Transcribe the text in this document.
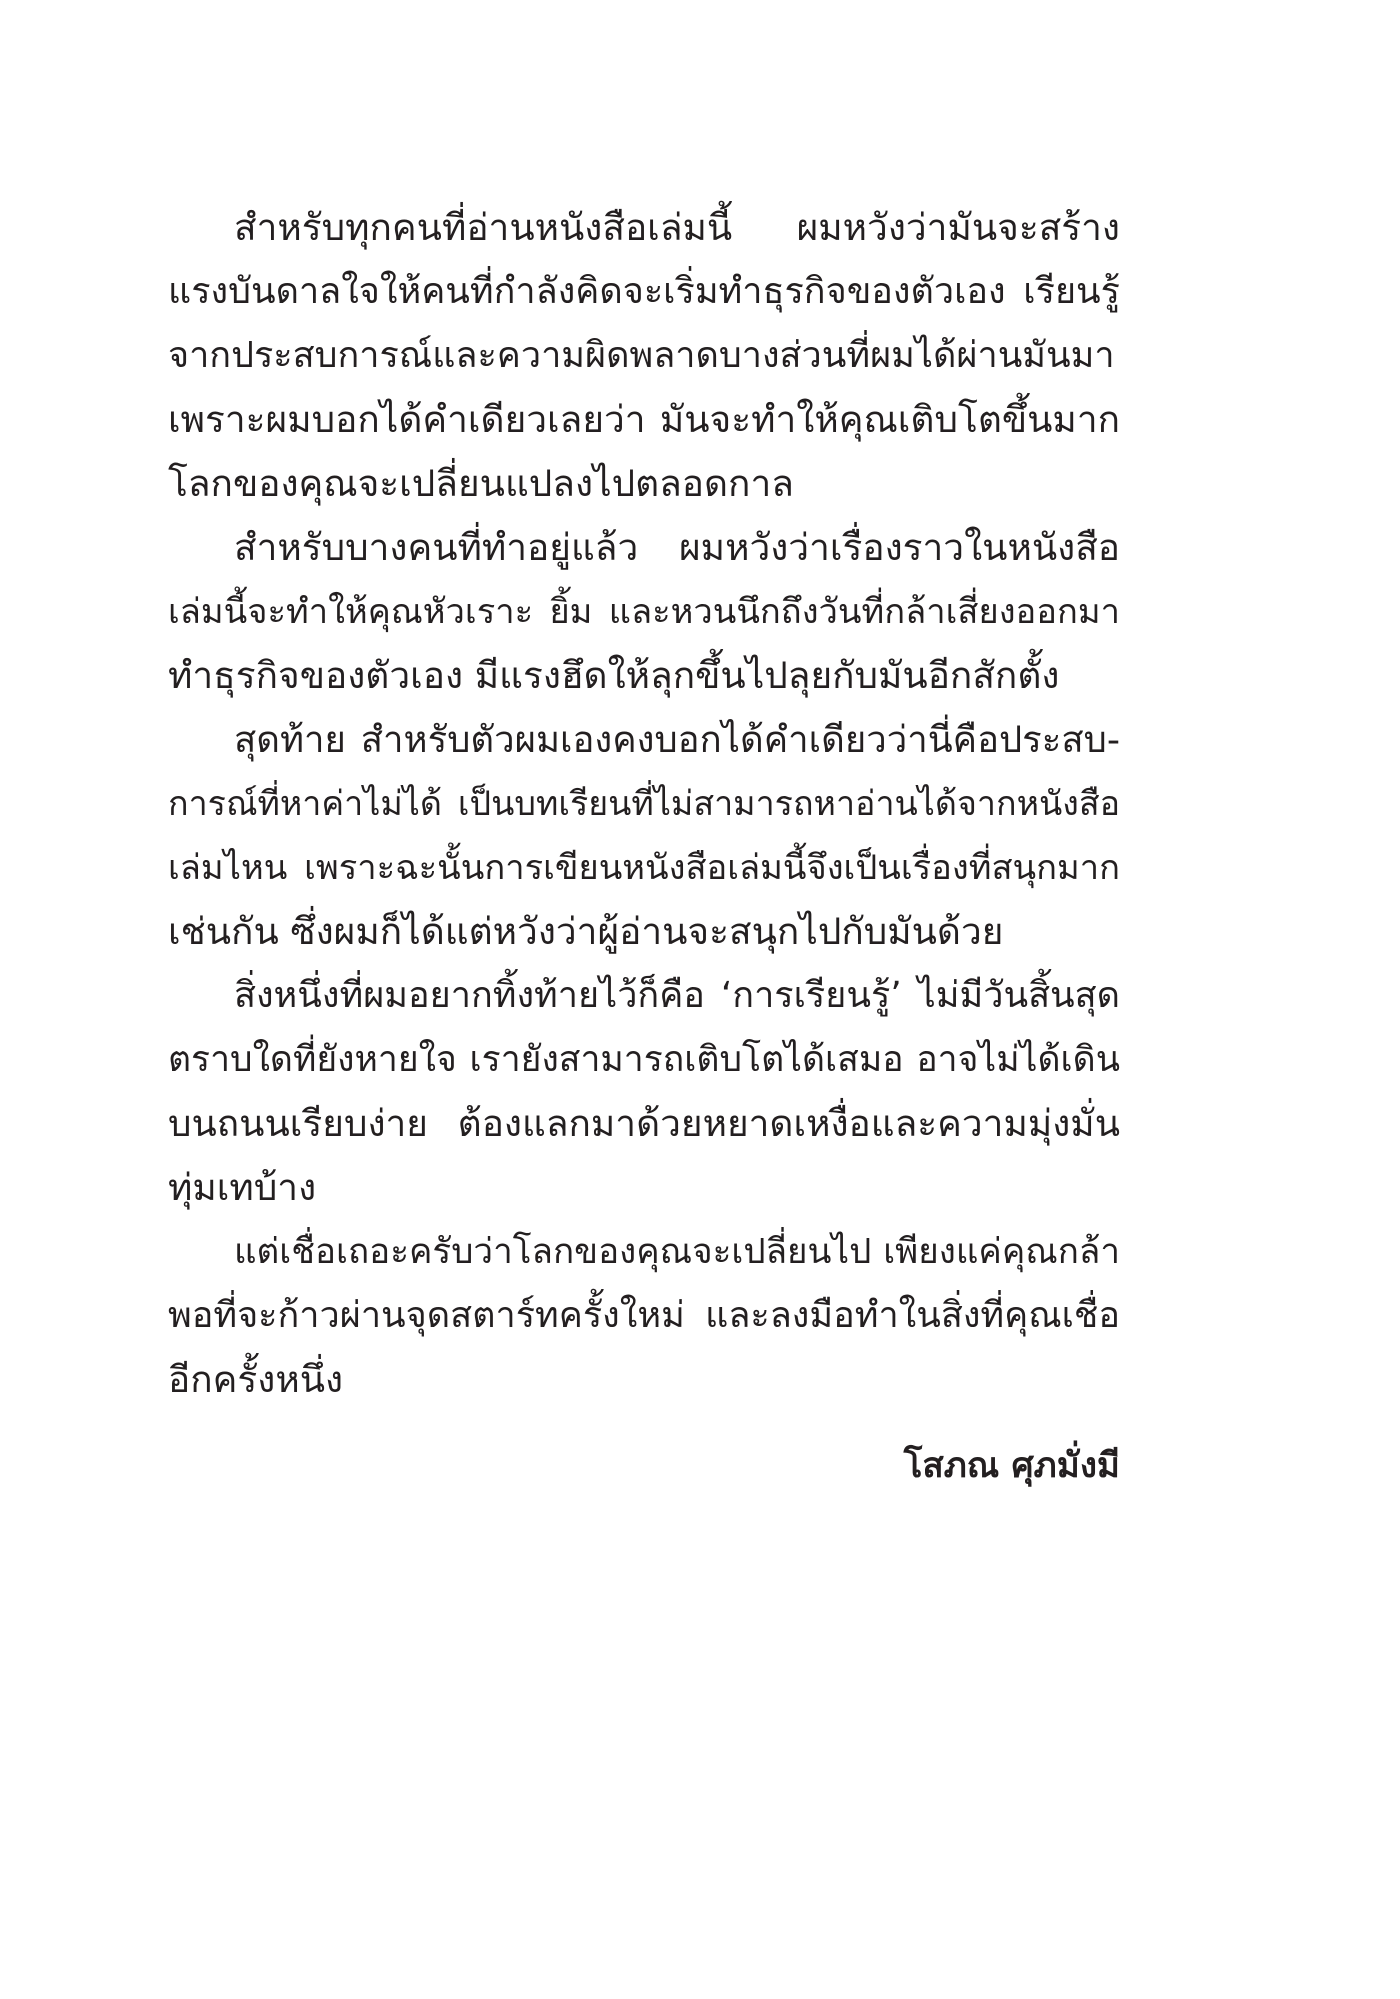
สำหรับทุกคนที่อ่านหนังสือเล่มนี้ ผมหวังว่ามันจะสร้าง
แรงบันดาลใจให้คนที่กำลังคิดจะเริ่มทำธุรกิจของตัวเอง เรียนรู้
จากประสบการณ์และความผิดพลาดบางส่วนที่ผมได้ผ่านมันมา
เพราะผมบอกได้คำเดียวเลยว่า มันจะทำให้คุณเติบโตขึ้นมาก
โลกของคุณจะเปลี่ยนแปลงไปตลอดกาล
สำหรับบางคนที่ทำอยู่แล้ว ผมหวังว่าเรื่องราวในหนังสือ
เล่มนี้จะทำให้คุณหัวเราะ ยิ้ม และหวนนึกถึงวันที่กล้าเสี่ยงออกมา
ทำธุรกิจของตัวเอง มีแรงฮึดให้ลุกขึ้นไปลุยกับมันอีกสักตั้ง
สุดท้าย สำหรับตัวผมเองคงบอกได้คำเดียวว่านี่คือประสบ-
การณ์ที่หาค่าไม่ได้ เป็นบทเรียนที่ไม่สามารถหาอ่านได้จากหนังสือ
เล่มไหน เพราะฉะนั้นการเขียนหนังสือเล่มนี้จึงเป็นเรื่องที่สนุกมาก
เช่นกัน ซึ่งผมก็ได้แต่หวังว่าผู้อ่านจะสนุกไปกับมันด้วย
สิ่งหนึ่งที่ผมอยากทิ้งท้ายไว้ก็คือ ‘การเรียนรู้’ ไม่มีวันสิ้นสุด
ตราบใดที่ยังหายใจ เรายังสามารถเติบโตได้เสมอ อาจไม่ได้เดิน
บนถนนเรียบง่าย ต้องแลกมาด้วยหยาดเหงื่อและความมุ่งมั่น
ทุ่มเทบ้าง
แต่เชื่อเถอะครับว่าโลกของคุณจะเปลี่ยนไป เพียงแค่คุณกล้า
พอที่จะก้าวผ่านจุดสตาร์ทครั้งใหม่ และลงมือทำในสิ่งที่คุณเชื่อ
อีกครั้งหนึ่ง
โสภณ ศุภมั่งมี
